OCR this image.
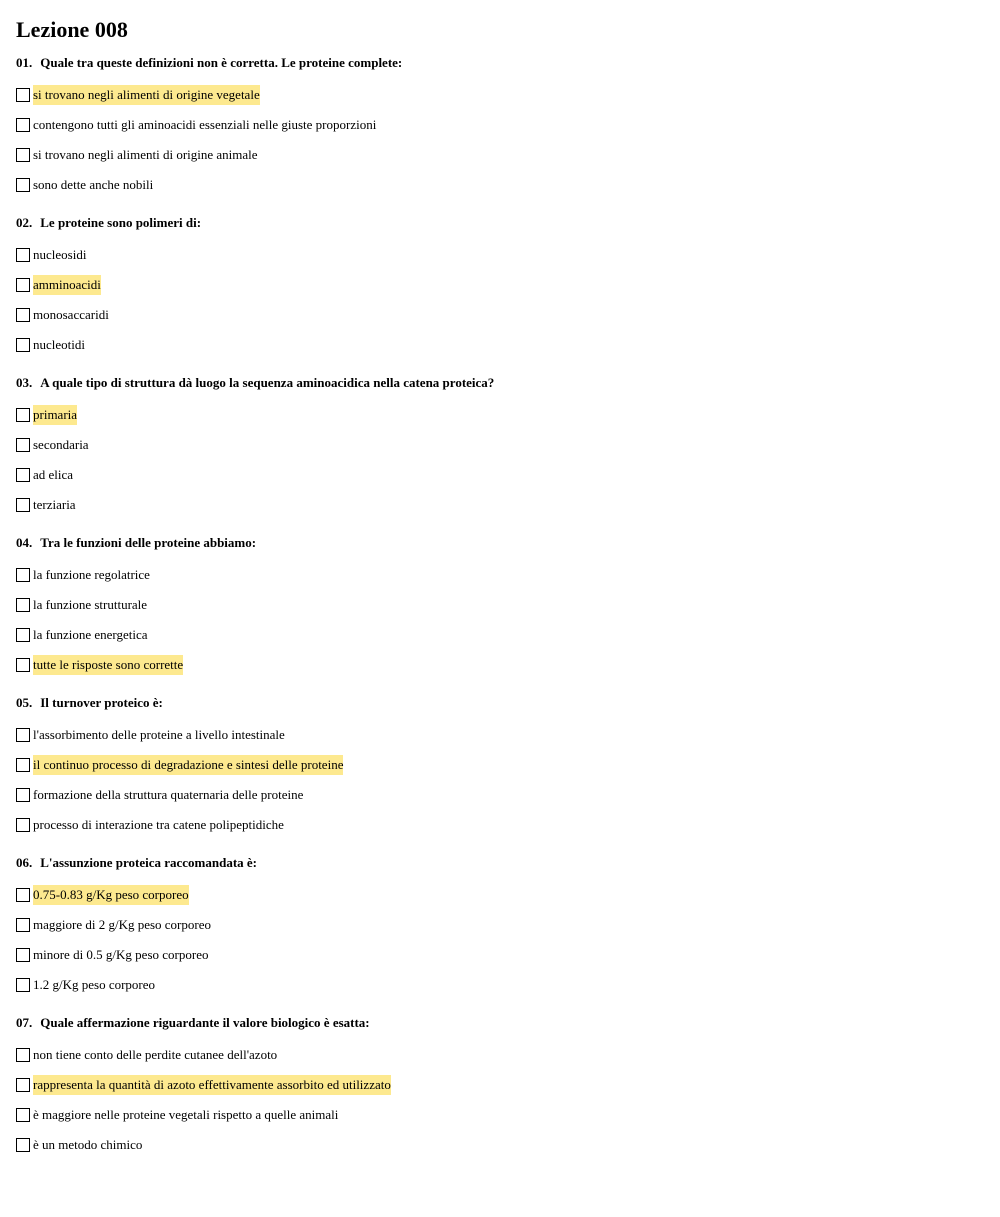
Lezione 008
01. Quale tra queste definizioni non è corretta. Le proteine complete:
si trovano negli alimenti di origine vegetale
contengono tutti gli aminoacidi essenziali nelle giuste proporzioni
si trovano negli alimenti di origine animale
sono dette anche nobili
02. Le proteine sono polimeri di:
nucleosidi
amminoacidi
monosaccaridi
nucleotidi
03. A quale tipo di struttura dà luogo la sequenza aminoacidica nella catena proteica?
primaria
secondaria
ad elica
terziaria
04. Tra le funzioni delle proteine abbiamo:
la funzione regolatrice
la funzione strutturale
la funzione energetica
tutte le risposte sono corrette
05. Il turnover proteico è:
l'assorbimento delle proteine a livello intestinale
il continuo processo di degradazione e sintesi delle proteine
formazione della struttura quaternaria delle proteine
processo di interazione tra catene polipeptidiche
06. L'assunzione proteica raccomandata è:
0.75-0.83 g/Kg peso corporeo
maggiore di 2 g/Kg peso corporeo
minore di 0.5 g/Kg peso corporeo
1.2 g/Kg peso corporeo
07. Quale affermazione riguardante il valore biologico è esatta:
non tiene conto delle perdite cutanee dell'azoto
rappresenta la quantità di azoto effettivamente assorbito ed utilizzato
è maggiore nelle proteine vegetali rispetto a quelle animali
è un metodo chimico
